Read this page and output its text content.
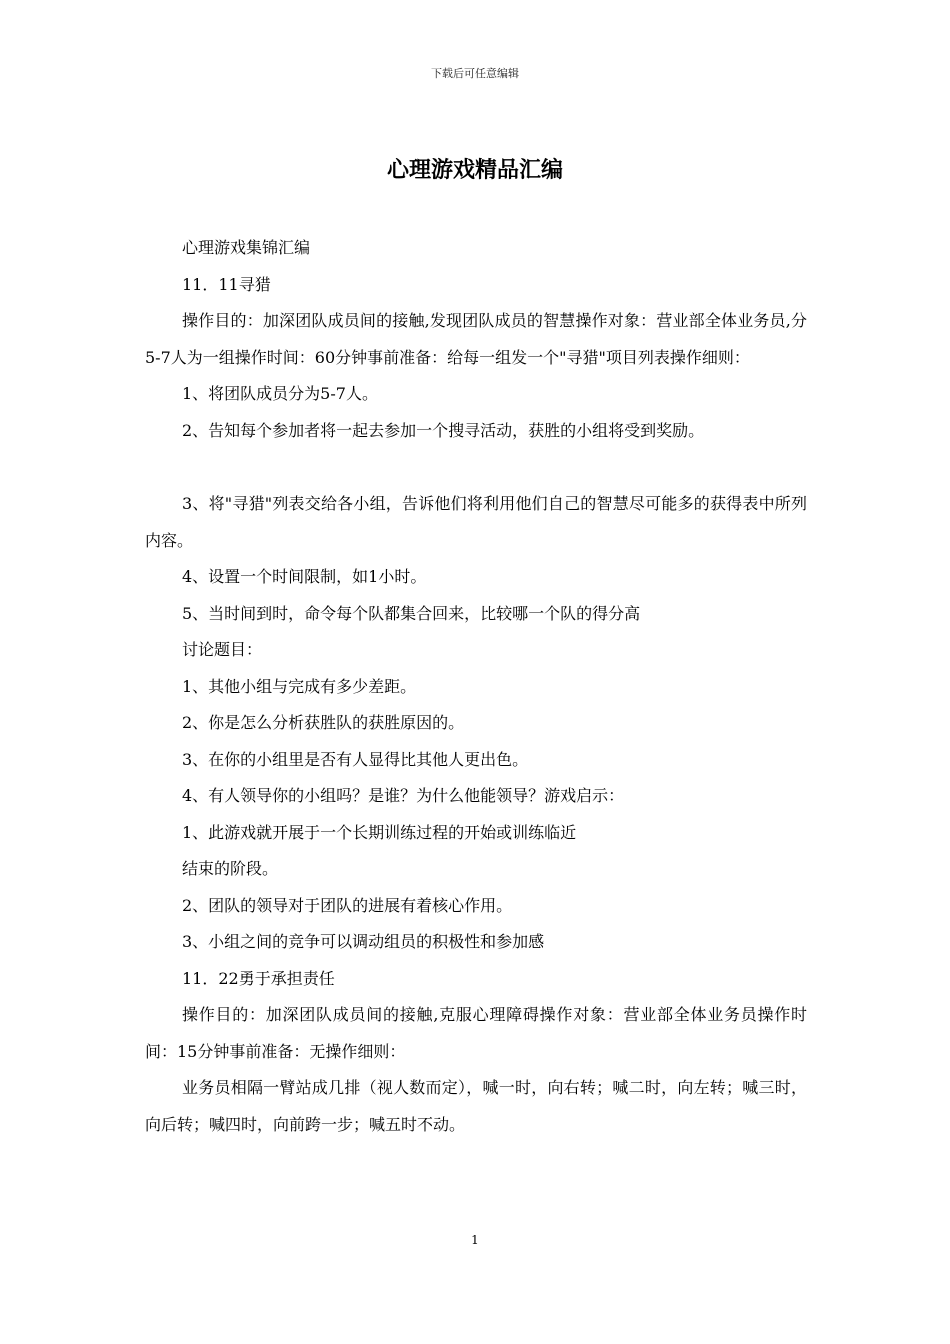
下载后可任意编辑
心理游戏精品汇编

心理游戏集锦汇编

11．11寻猎

操作目的：加深团队成员间的接触,发现团队成员的智慧操作对象：营业部全体业务员,分5-7人为一组操作时间：60分钟事前准备：给每一组发一个"寻猎"项目列表操作细则：

1、将团队成员分为5-7人。

2、告知每个参加者将一起去参加一个搜寻活动，获胜的小组将受到奖励。

3、将"寻猎"列表交给各小组，告诉他们将利用他们自己的智慧尽可能多的获得表中所列内容。

4、设置一个时间限制，如1小时。

5、当时间到时，命令每个队都集合回来，比较哪一个队的得分高

讨论题目：

1、其他小组与完成有多少差距。

2、你是怎么分析获胜队的获胜原因的。

3、在你的小组里是否有人显得比其他人更出色。

4、有人领导你的小组吗？是谁？为什么他能领导？游戏启示：

1、此游戏就开展于一个长期训练过程的开始或训练临近

结束的阶段。

2、团队的领导对于团队的进展有着核心作用。

3、小组之间的竞争可以调动组员的积极性和参加感

11．22勇于承担责任

操作目的：加深团队成员间的接触,克服心理障碍操作对象：营业部全体业务员操作时间：15分钟事前准备：无操作细则：

业务员相隔一臂站成几排（视人数而定），喊一时，向右转；喊二时，向左转；喊三时，向后转；喊四时，向前跨一步；喊五时不动。

1
